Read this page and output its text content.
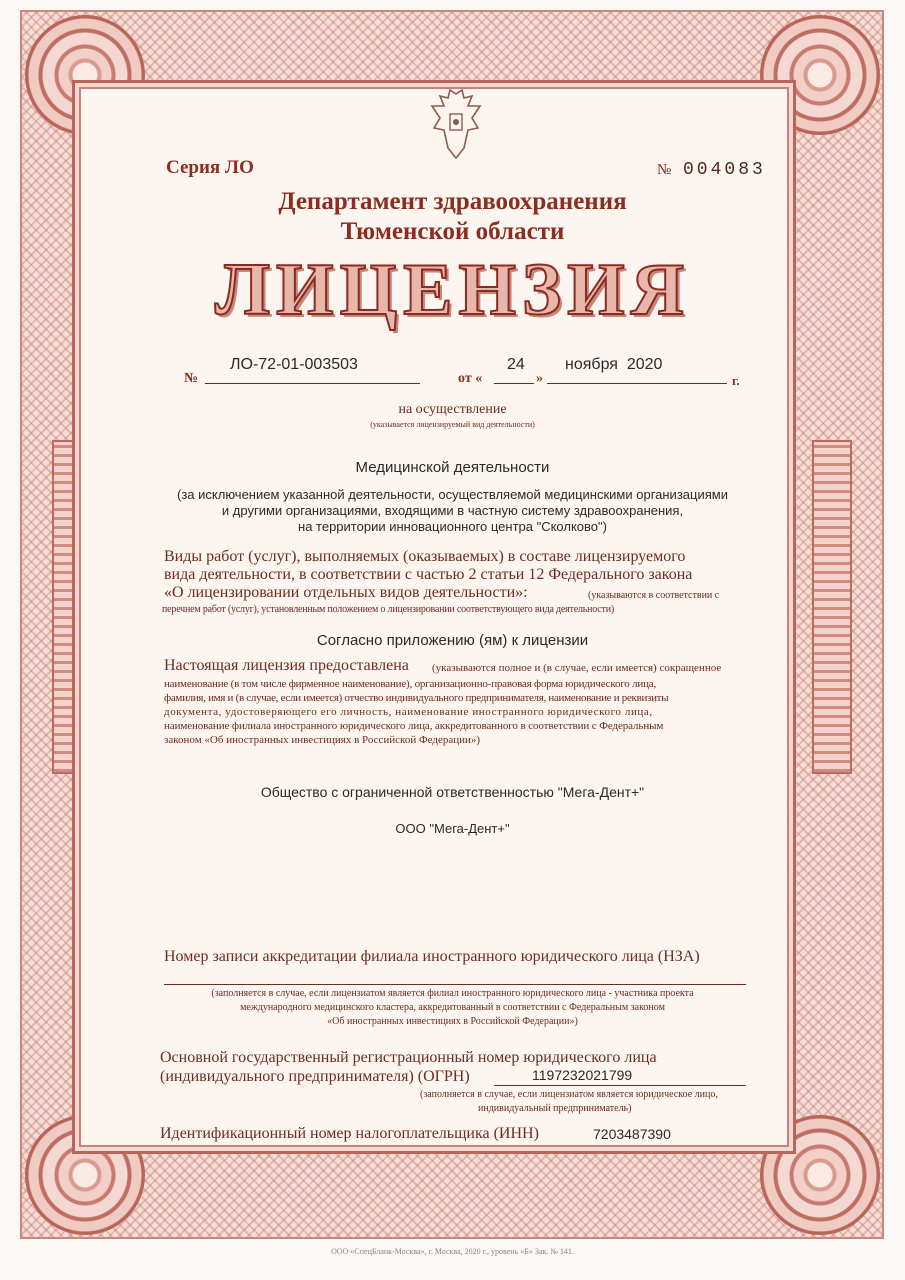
Серия ЛО	№ 004083
Департамент здравоохранения
Тюменской области
ЛИЦЕНЗИЯ
№
ЛО-72-01-003503
от «	»
24	ноября  2020
г.
на осуществление
(указывается лицензируемый вид деятельности)
Медицинской деятельности
(за исключением указанной деятельности, осуществляемой медицинскими организациями
и другими организациями, входящими в частную систему здравоохранения,
на территории инновационного центра "Сколково")
Виды работ (услуг), выполняемых (оказываемых) в составе лицензируемого
вида деятельности, в соответствии с частью 2 статьи 12 Федерального закона
«О лицензировании отдельных видов деятельности»:	(указываются в соответствии с
перечнем работ (услуг), установленным положением о лицензировании соответствующего вида деятельности)
Согласно приложению (ям) к лицензии
Настоящая лицензия предоставлена (указываются полное и (в случае, если имеется) сокращенное
наименование (в том числе фирменное наименование), организационно-правовая форма юридического лица,
фамилия, имя и (в случае, если имеется) отчество индивидуального предпринимателя, наименование и реквизиты
документа, удостоверяющего его личность, наименование иностранного юридического лица,
наименование филиала иностранного юридического лица, аккредитованного в соответствии с Федеральным
законом «Об иностранных инвестициях в Российской Федерации»)
Общество с ограниченной ответственностью "Мега-Дент+"
ООО "Мега-Дент+"
Номер записи аккредитации филиала иностранного юридического лица (НЗА)
(заполняется в случае, если лицензиатом является филиал иностранного юридического лица - участника проекта
международного медицинского кластера, аккредитованный в соответствии с Федеральным законом
«Об иностранных инвестициях в Российской Федерации»)
Основной государственный регистрационный номер юридического лица
(индивидуального предпринимателя) (ОГРН)	1197232021799
(заполняется в случае, если лицензиатом является юридическое лицо,
индивидуальный предприниматель)
Идентификационный номер налогоплательщика (ИНН)	7203487390
ООО «СпецБланк-Москва», г. Москва, 2020 г., уровень «Б» Зак. № 141.
